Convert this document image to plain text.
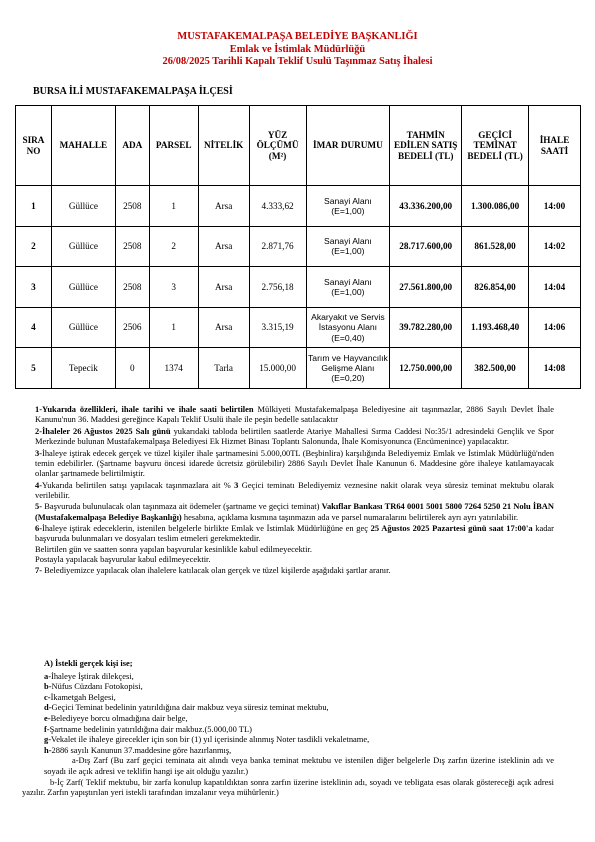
MUSTAFAKEMALPAŞA BELEDİYE BAŞKANLIĞI
Emlak ve İstimlak Müdürlüğü
26/08/2025 Tarihli Kapalı Teklif Usulü Taşınmaz Satış İhalesi
BURSA İLİ MUSTAFAKEMALPAŞA İLÇESİ
SIRA NO	MAHALLE	ADA	PARSEL	NİTELİK	YÜZ ÖLÇÜMÜ (M²)	İMAR DURUMU	TAHMİN EDİLEN SATIŞ BEDELİ (TL)	GEÇİCİ TEMİNAT BEDELİ (TL)	İHALE SAATİ
1	Güllüce	2508	1	Arsa	4.333,62	Sanayi Alanı (E=1,00)	43.336.200,00	1.300.086,00	14:00
2	Güllüce	2508	2	Arsa	2.871,76	Sanayi Alanı (E=1,00)	28.717.600,00	861.528,00	14:02
3	Güllüce	2508	3	Arsa	2.756,18	Sanayi Alanı (E=1,00)	27.561.800,00	826.854,00	14:04
4	Güllüce	2506	1	Arsa	3.315,19	Akaryakıt ve Servis İstasyonu Alanı (E=0,40)	39.782.280,00	1.193.468,40	14:06
5	Tepecik	0	1374	Tarla	15.000,00	Tarım ve Hayvancılık Gelişme Alanı (E=0,20)	12.750.000,00	382.500,00	14:08

1-Yukarıda özellikleri, ihale tarihi ve ihale saati belirtilen Mülkiyeti Mustafakemalpaşa Belediyesine ait taşınmazlar, 2886 Sayılı Devlet İhale Kanunu'nun 36. Maddesi gereğince Kapalı Teklif Usulü ihale ile peşin bedelle satılacaktır

2-İhaleler 26 Ağustos 2025 Salı günü yukarıdaki tabloda belirtilen saatlerde Atariye Mahallesi Sırma Caddesi No:35/1 adresindeki Gençlik ve Spor Merkezinde bulunan Mustafakemalpaşa Belediyesi Ek Hizmet Binası Toplantı Salonunda, İhale Komisyonunca (Encümenince) yapılacaktır.

3-İhaleye iştirak edecek gerçek ve tüzel kişiler ihale şartnamesini 5.000,00TL (Beşbinlira) karşılığında Belediyemiz Emlak ve İstimlak Müdürlüğü'nden temin edebilirler. (Şartname başvuru öncesi idarede ücretsiz görülebilir) 2886 Sayılı Devlet İhale Kanunun 6. Maddesine göre ihaleye katılamayacak olanlar şartnamede belirtilmiştir.

4-Yukarıda belirtilen satışı yapılacak taşınmazlara ait % 3 Geçici teminatı Belediyemiz veznesine nakit olarak veya süresiz teminat mektubu olarak verilebilir.

5- Başvuruda bulunulacak olan taşınmaza ait ödemeler (şartname ve geçici teminat) Vakıflar Bankası TR64 0001 5001 5800 7264 5250 21 Nolu İBAN (Mustafakemalpaşa Belediye Başkanlığı) hesabına, açıklama kısmına taşınmazın ada ve parsel numaralarını belirtilerek ayrı ayrı yatırılabilir.

6-İhaleye iştirak edeceklerin, istenilen belgelerle birlikte Emlak ve İstimlak Müdürlüğüne en geç 25 Ağustos 2025 Pazartesi günü saat 17:00'a kadar başvuruda bulunmaları ve dosyaları teslim etmeleri gerekmektedir.

Belirtilen gün ve saatten sonra yapılan başvurular kesinlikle kabul edilmeyecektir.

Postayla yapılacak başvurular kabul edilmeyecektir.

7- Belediyemizce yapılacak olan ihalelere katılacak olan gerçek ve tüzel kişilerde aşağıdaki şartlar aranır.

A) İstekli gerçek kişi ise;

a-İhaleye İştirak dilekçesi,

b-Nüfus Cüzdanı Fotokopisi,

c-İkametgah Belgesi,

d-Geçici Teminat bedelinin yatırıldığına dair makbuz veya süresiz teminat mektubu,

e-Belediyeye borcu olmadığına dair belge,

f-Şartname bedelinin yatırıldığına dair makbuz.(5.000,00 TL)

g-Vekalet ile ihaleye girecekler için son bir (1) yıl içerisinde alınmış Noter tasdikli vekaletname,

h-2886 sayılı Kanunun 37.maddesine göre hazırlanmış,

a-Dış Zarf (Bu zarf geçici teminata ait alındı veya banka teminat mektubu ve istenilen diğer belgelerle Dış zarfın üzerine isteklinin adı ve soyadı ile açık adresi ve teklifin hangi işe ait olduğu yazılır.)

b-İç Zarf( Teklif mektubu, bir zarfa konulup kapatıldıktan sonra zarfın üzerine isteklinin adı, soyadı ve tebligata esas olarak göstereceği açık adresi yazılır. Zarfın yapıştırılan yeri istekli tarafından imzalanır veya mühürlenir.)
